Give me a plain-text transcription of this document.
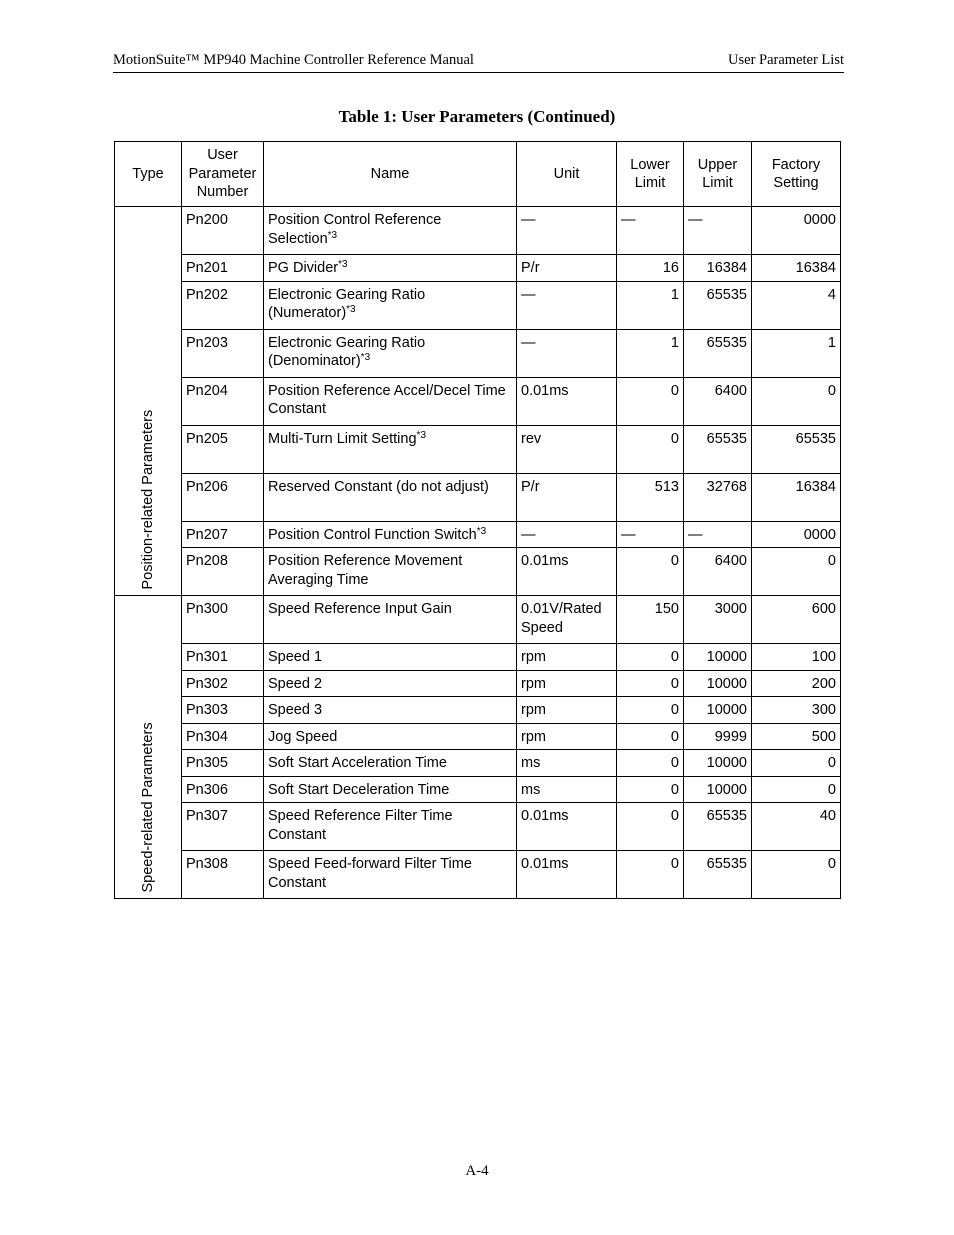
MotionSuite™ MP940 Machine Controller Reference Manual	User Parameter List
Table 1: User Parameters (Continued)
Type	User Parameter Number	Name	Unit	Lower Limit	Upper Limit	Factory Setting

Position-related Parameters	Pn200	Position Control Reference Selection$^{*3}$	—	—	—	0000
	Pn201	PG Divider$^{*3}$	P/r	16	16384	16384
	Pn202	Electronic Gearing Ratio (Numerator)$^{*3}$	—	1	65535	4
	Pn203	Electronic Gearing Ratio (Denominator)$^{*3}$	—	1	65535	1
	Pn204	Position Reference Accel/Decel Time Constant	0.01ms	0	6400	0
	Pn205	Multi-Turn Limit Setting$^{*3}$	rev	0	65535	65535
	Pn206	Reserved Constant (do not adjust)	P/r	513	32768	16384
	Pn207	Position Control Function Switch$^{*3}$	—	—	—	0000
	Pn208	Position Reference Movement Averaging Time	0.01ms	0	6400	0

Speed-related Parameters	Pn300	Speed Reference Input Gain	0.01V/Rated Speed	150	3000	600
	Pn301	Speed 1	rpm	0	10000	100
	Pn302	Speed 2	rpm	0	10000	200
	Pn303	Speed 3	rpm	0	10000	300
	Pn304	Jog Speed	rpm	0	9999	500
	Pn305	Soft Start Acceleration Time	ms	0	10000	0
	Pn306	Soft Start Deceleration Time	ms	0	10000	0
	Pn307	Speed Reference Filter Time Constant	0.01ms	0	65535	40
	Pn308	Speed Feed-forward Filter Time Constant	0.01ms	0	65535	0
A-4
